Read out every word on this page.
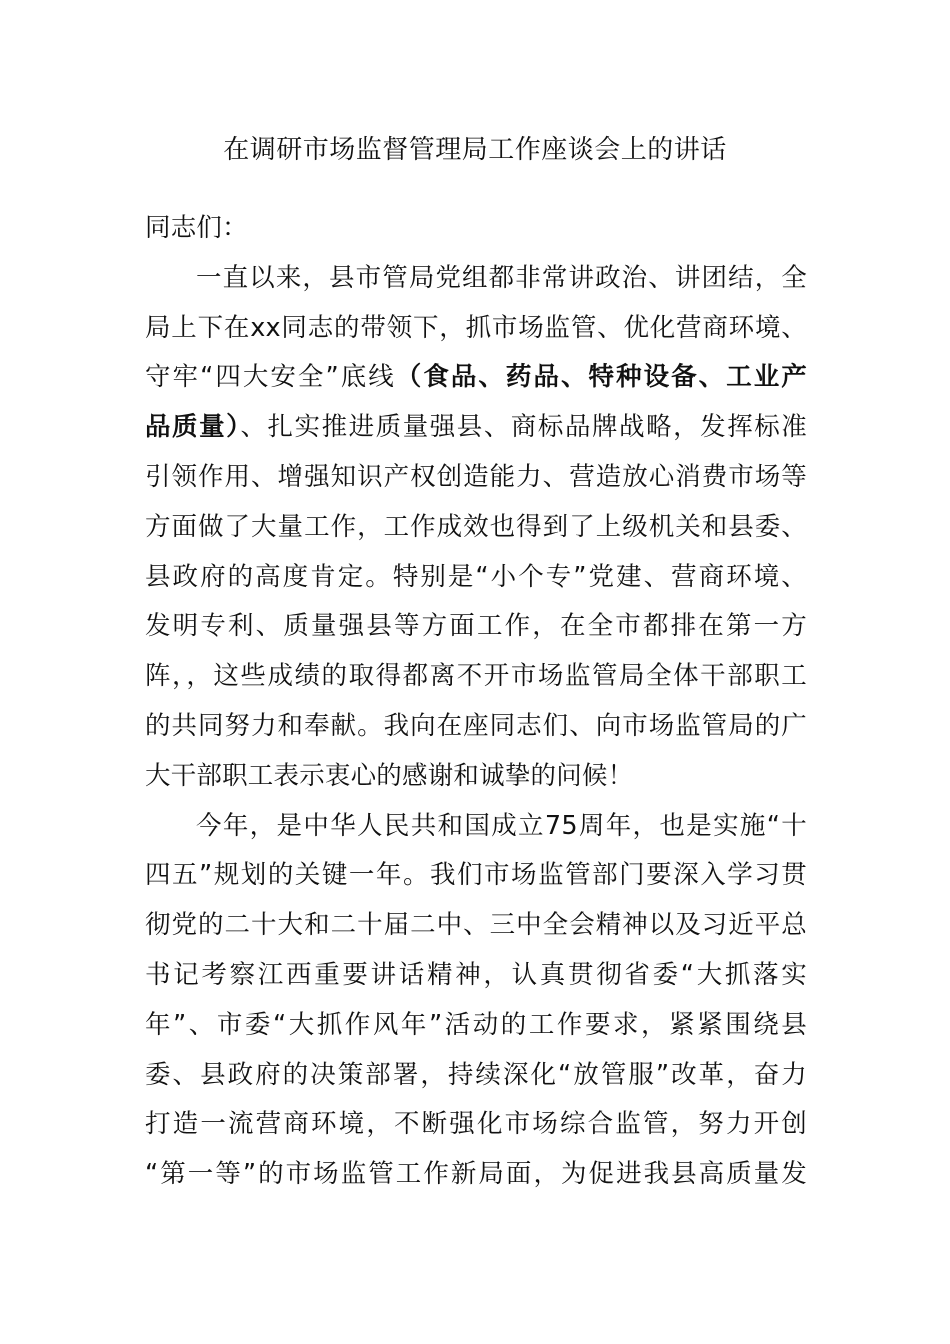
在调研市场监督管理局工作座谈会上的讲话
同志们：
一直以来，县市管局党组都非常讲政治、讲团结，全
局上下在xx同志的带领下，抓市场监管、优化营商环境、
守牢“四大安全”底线（食品、药品、特种设备、工业产
品质量）、扎实推进质量强县、商标品牌战略，发挥标准
引领作用、增强知识产权创造能力、营造放心消费市场等
方面做了大量工作，工作成效也得到了上级机关和县委、
县政府的高度肯定。特别是“小个专”党建、营商环境、
发明专利、质量强县等方面工作，在全市都排在第一方
阵，，这些成绩的取得都离不开市场监管局全体干部职工
的共同努力和奉献。我向在座同志们、向市场监管局的广
大干部职工表示衷心的感谢和诚挚的问候！
今年，是中华人民共和国成立75周年，也是实施“十
四五”规划的关键一年。我们市场监管部门要深入学习贯
彻党的二十大和二十届二中、三中全会精神以及习近平总
书记考察江西重要讲话精神，认真贯彻省委“大抓落实
年”、市委“大抓作风年”活动的工作要求，紧紧围绕县
委、县政府的决策部署，持续深化“放管服”改革，奋力
打造一流营商环境，不断强化市场综合监管，努力开创
“第一等”的市场监管工作新局面，为促进我县高质量发
